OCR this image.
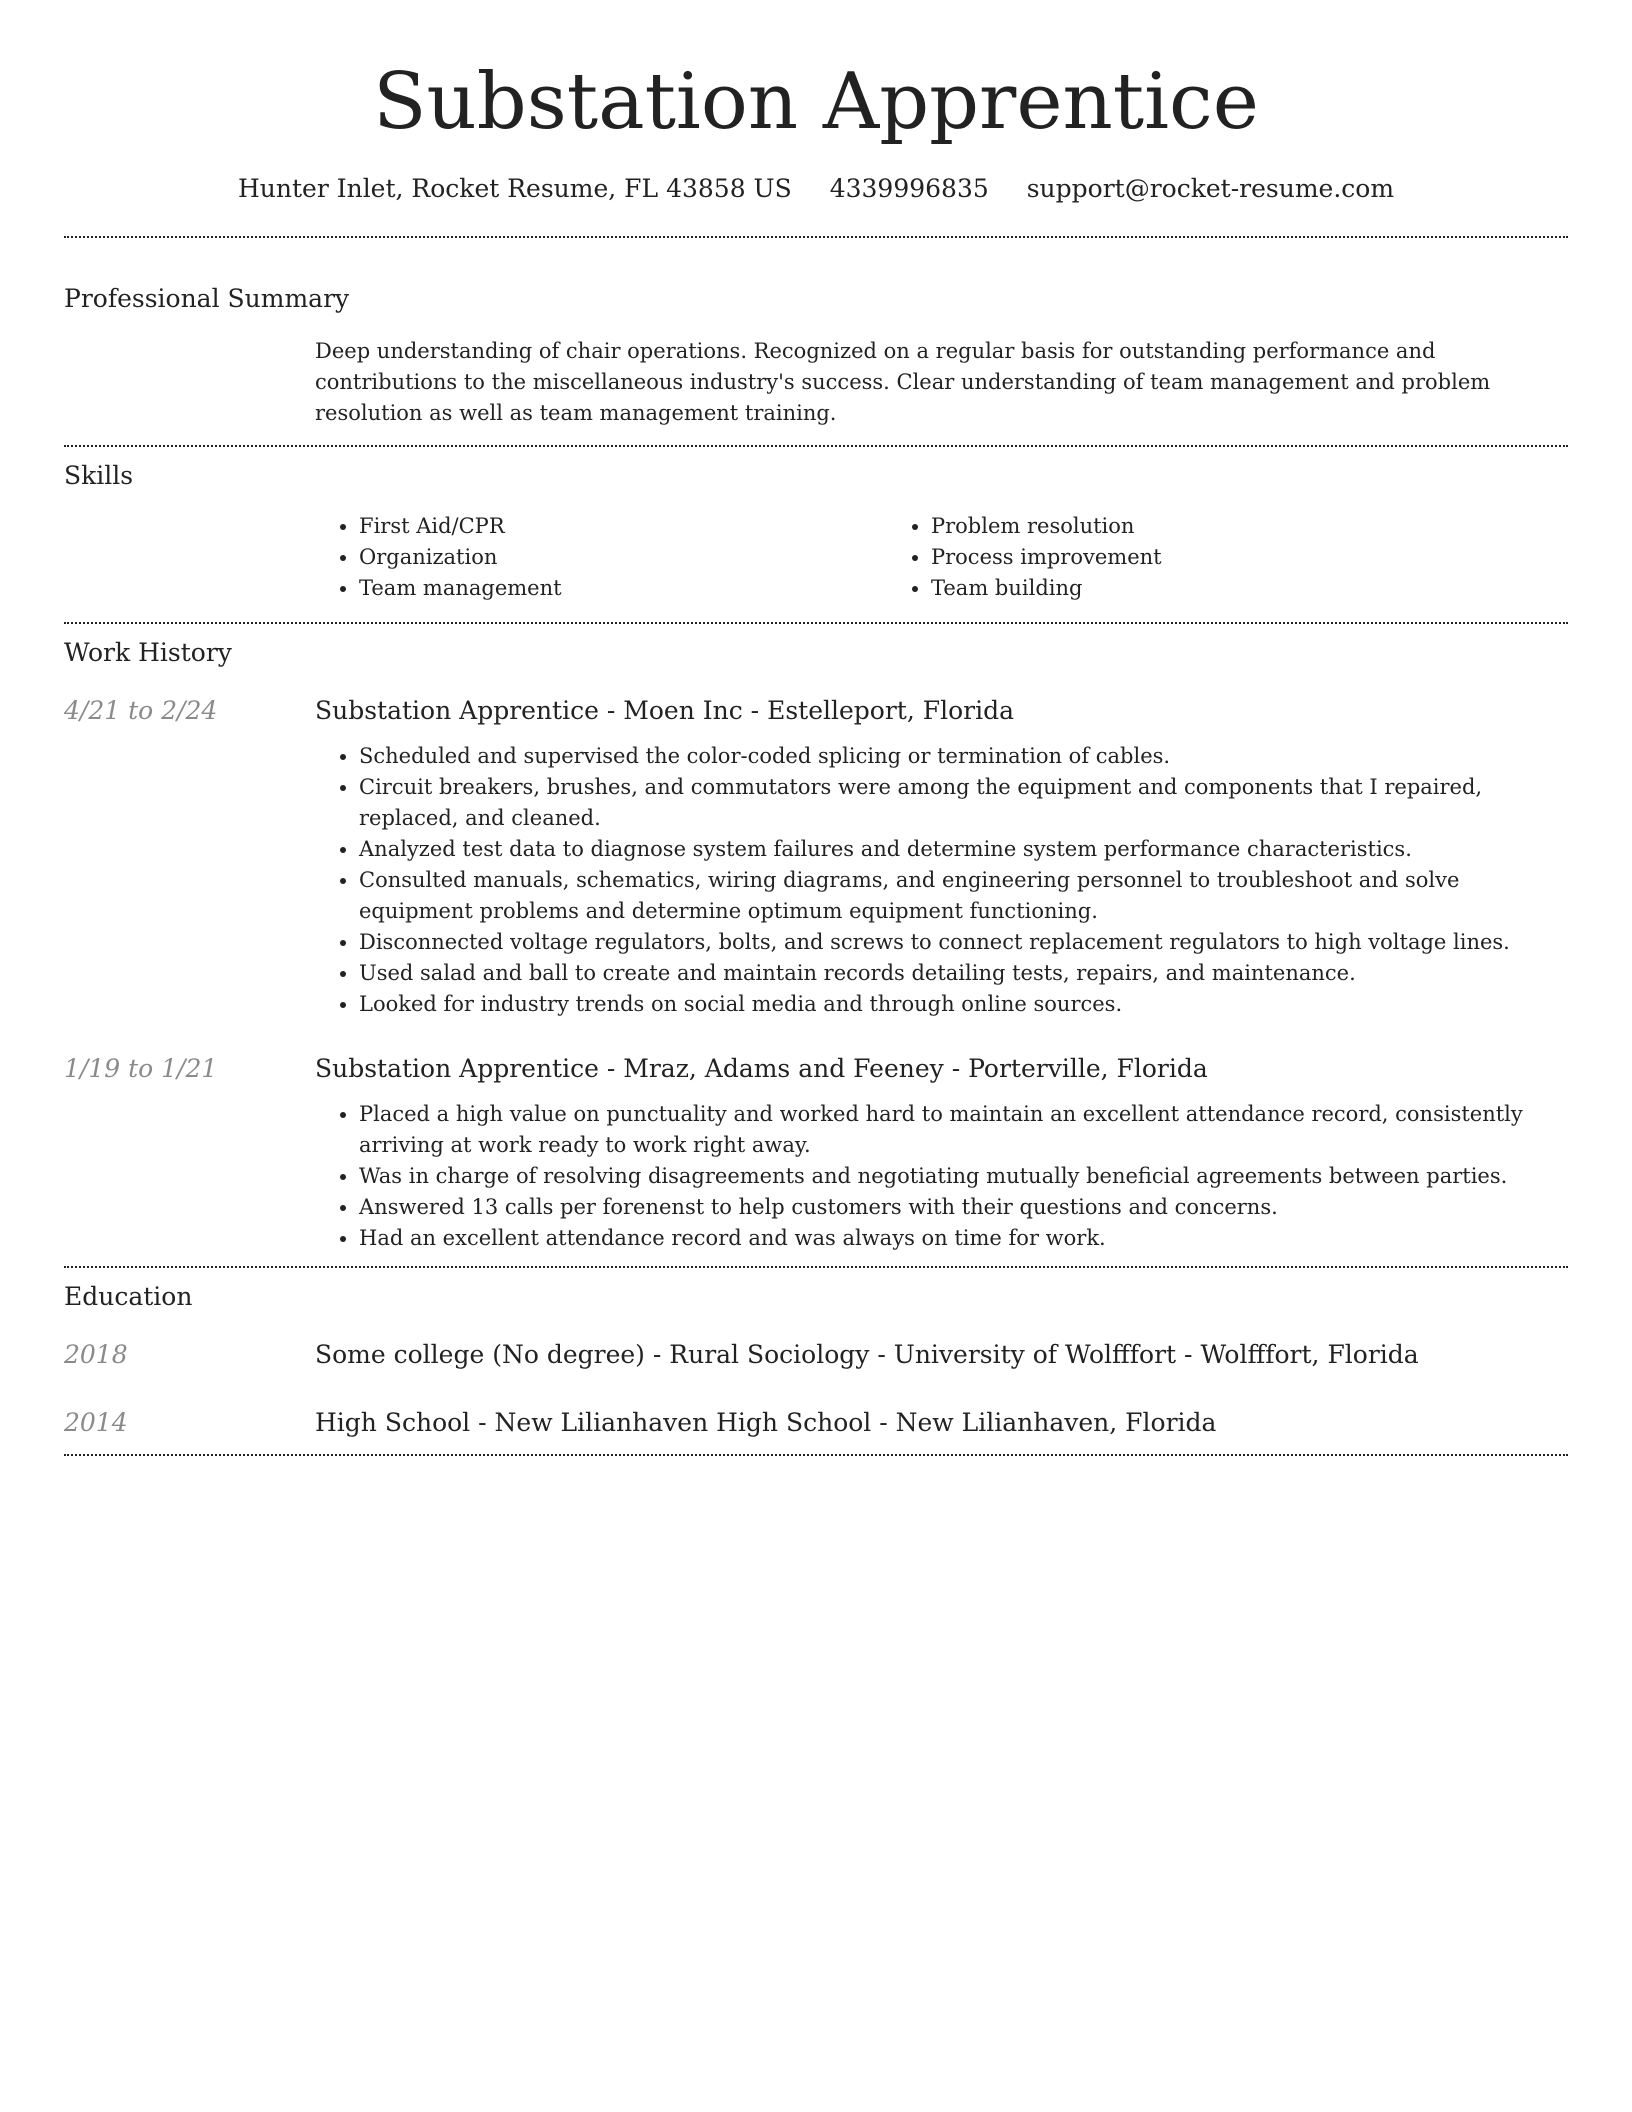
Substation Apprentice
Hunter Inlet, Rocket Resume, FL 43858 US 4339996835 support@rocket-resume.com
Professional Summary

Deep understanding of chair operations. Recognized on a regular basis for outstanding performance and contributions to the miscellaneous industry's success. Clear understanding of team management and problem resolution as well as team management training.

Skills
• First Aid/CPR
• Organization
• Team management
• Problem resolution
• Process improvement
• Team building
Work History
4/21 to 2/24	Substation Apprentice - Moen Inc - Estelleport, Florida
• Scheduled and supervised the color-coded splicing or termination of cables.
• Circuit breakers, brushes, and commutators were among the equipment and components that I repaired, replaced, and cleaned.
• Analyzed test data to diagnose system failures and determine system performance characteristics.
• Consulted manuals, schematics, wiring diagrams, and engineering personnel to troubleshoot and solve equipment problems and determine optimum equipment functioning.
• Disconnected voltage regulators, bolts, and screws to connect replacement regulators to high voltage lines.
• Used salad and ball to create and maintain records detailing tests, repairs, and maintenance.
• Looked for industry trends on social media and through online sources.
1/19 to 1/21	Substation Apprentice - Mraz, Adams and Feeney - Porterville, Florida
• Placed a high value on punctuality and worked hard to maintain an excellent attendance record, consistently arriving at work ready to work right away.
• Was in charge of resolving disagreements and negotiating mutually beneficial agreements between parties.
• Answered 13 calls per forenenst to help customers with their questions and concerns.
• Had an excellent attendance record and was always on time for work.
Education
2018	Some college (No degree) - Rural Sociology - University of Wolfffort - Wolfffort, Florida
2014	High School - New Lilianhaven High School - New Lilianhaven, Florida
